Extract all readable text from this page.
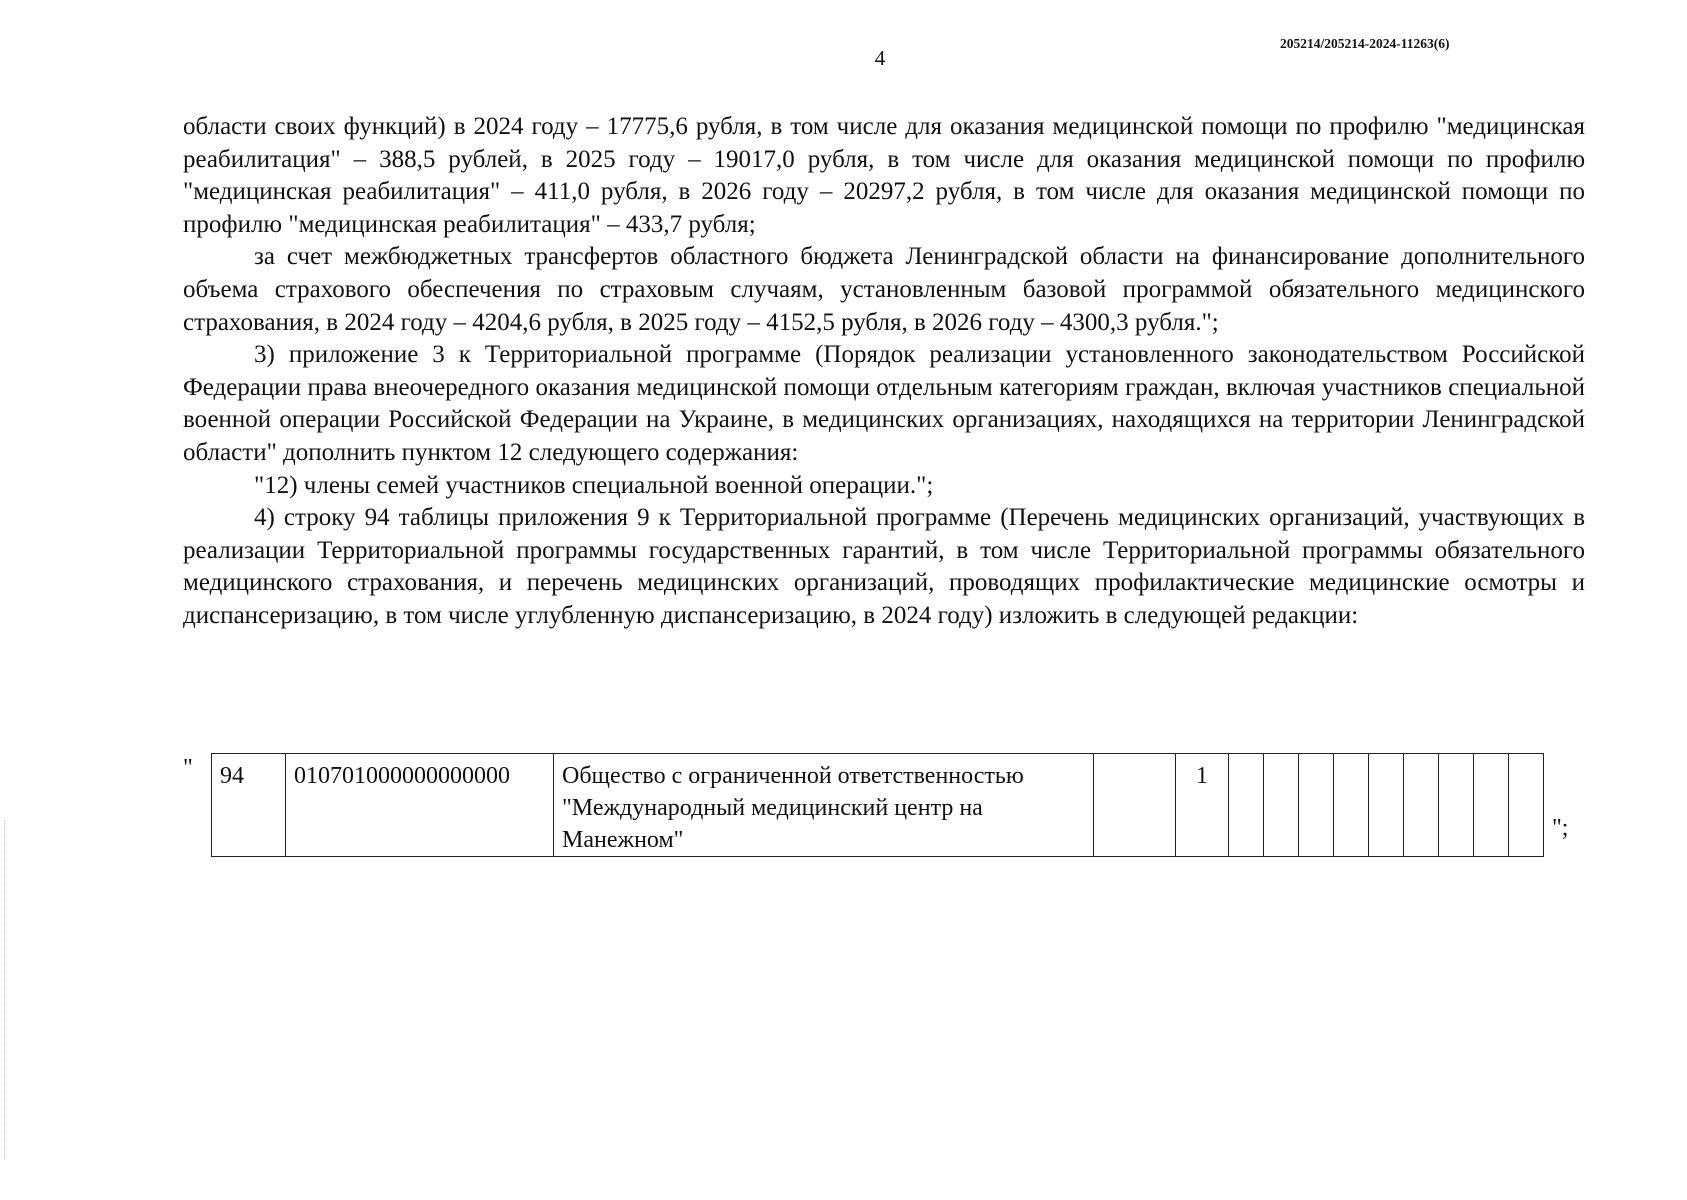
4
205214/205214-2024-11263(6)

области своих функций) в 2024 году – 17775,6 рубля, в том числе для оказания медицинской помощи по профилю "медицинская реабилитация" – 388,5 рублей, в 2025 году – 19017,0 рубля, в том числе для оказания медицинской помощи по профилю "медицинская реабилитация" – 411,0 рубля, в 2026 году – 20297,2 рубля, в том числе для оказания медицинской помощи по профилю "медицинская реабилитация" – 433,7 рубля;

за счет межбюджетных трансфертов областного бюджета Ленинградской области на финансирование дополнительного объема страхового обеспечения по страховым случаям, установленным базовой программой обязательного медицинского страхования, в 2024 году – 4204,6 рубля, в 2025 году – 4152,5 рубля, в 2026 году – 4300,3 рубля.";

3) приложение 3 к Территориальной программе (Порядок реализации установленного законодательством Российской Федерации права внеочередного оказания медицинской помощи отдельным категориям граждан, включая участников специальной военной операции Российской Федерации на Украине, в медицинских организациях, находящихся на территории Ленинградской области" дополнить пунктом 12 следующего содержания:

"12) члены семей участников специальной военной операции.";

4) строку 94 таблицы приложения 9 к Территориальной программе (Перечень медицинских организаций, участвующих в реализации Территориальной программы государственных гарантий, в том числе Территориальной программы обязательного медицинского страхования, и перечень медицинских организаций, проводящих профилактические медицинские осмотры и диспансеризацию, в том числе углубленную диспансеризацию, в 2024 году) изложить в следующей редакции:

" 94	010701000000000000	Общество с ограниченной ответственностью "Международный медицинский центр на Манежном"		1									
";
